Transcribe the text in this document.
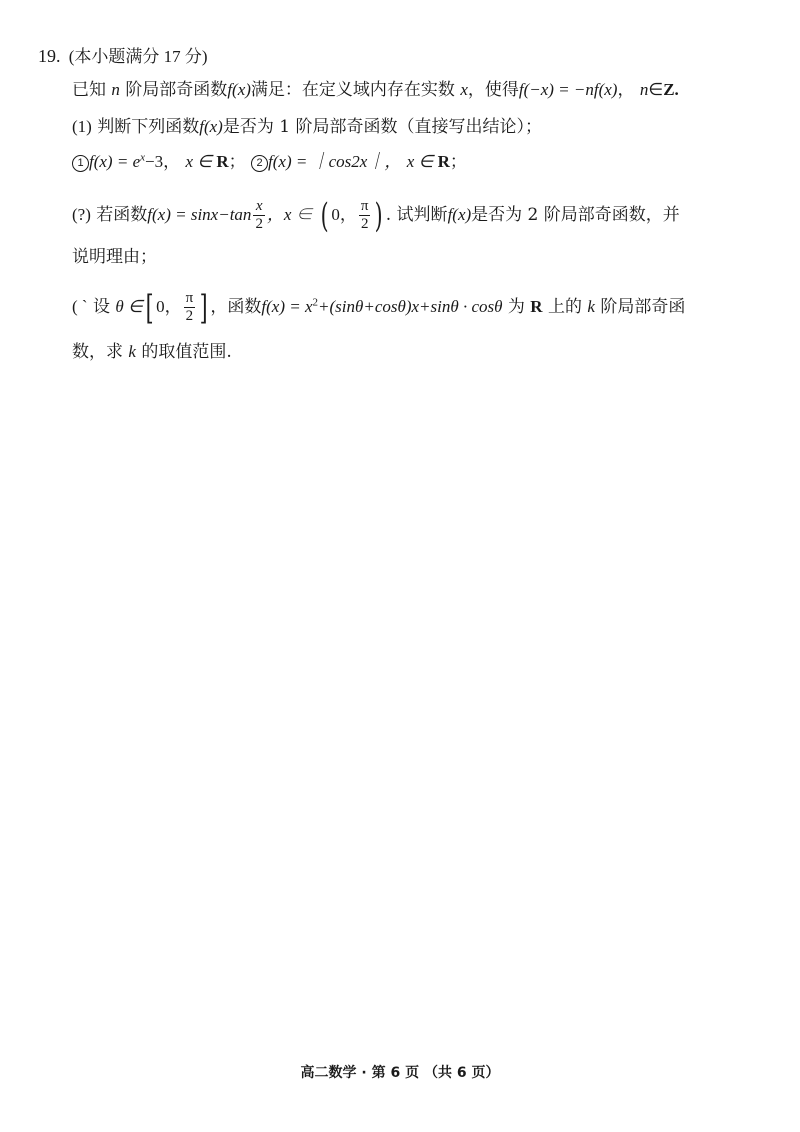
19. (本小题满分 17 分)
已知 n 阶局部奇函数f(x)满足：在定义域内存在实数 x，使得f(−x) = −nf(x)， n∈Z.
(1) 判断下列函数f(x)是否为 1 阶局部奇函数（直接写出结论）；
1 $f(x) = e^x-3$， x ∈ R； 2 f(x) = ｜cos2x｜， x ∈ R；
(?) 若函数$f(x) = \sin x-\tan \frac{x}{2}$ ，x ∈ ( 0， $\frac{\pi}{2}$ ) . 试判断f(x)是否为 2 阶局部奇函数，并
说明理由；
( ` 设 θ ∈[ 0， $\frac{\pi}{2}$ ] ，函数$f(x) = x^2+(\sin\theta+\cos\theta)x+\sin\theta \cdot \cos\theta$ 为 R 上的 k 阶局部奇函
数，求 k 的取值范围.
高二数学 · 第 6 页 （共 6 页）
